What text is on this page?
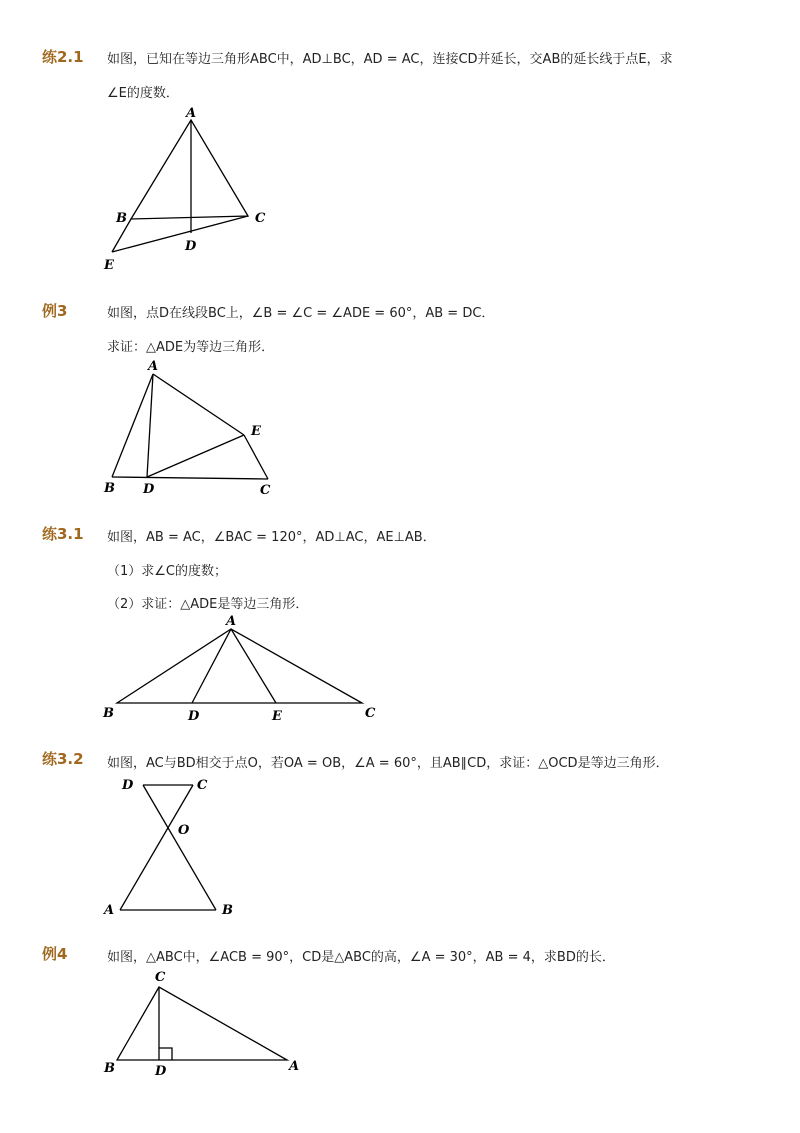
练2.1 如图，已知在等边三角形ABC中，AD⊥BC，AD = AC，连接CD并延长，交AB的延长线于点E，求
∠E的度数．
A
B	C
D
E
例3	如图，点D在线段BC上，∠B = ∠C = ∠ADE = 60°，AB = DC．
求证：△ADE为等边三角形．
A
B	C
D
E
练3.1 如图，AB = AC，∠BAC = 120°，AD⊥AC，AE⊥AB．
（1）求∠C的度数；
（2）求证：△ADE是等边三角形．
A
B	C
D	E
练3.2 如图，AC与BD相交于点O，若OA = OB，∠A = 60°，且AB∥CD，求证：△OCD是等边三角形．
D	C
O
A	B
例4	如图，△ABC中，∠ACB = 90°，CD是△ABC的高，∠A = 30°，AB = 4，求BD的长．
C
B	D	A
